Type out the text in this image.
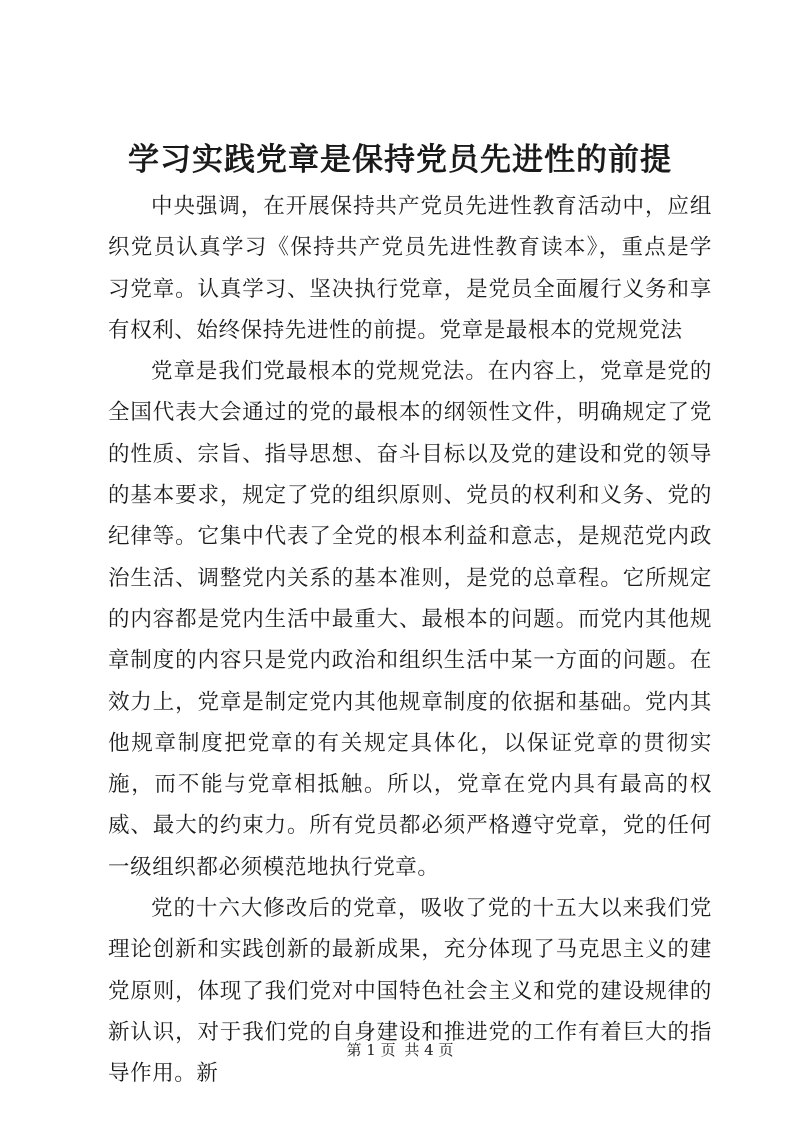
学习实践党章是保持党员先进性的前提

中央强调，在开展保持共产党员先进性教育活动中，应组织党员认真学习《保持共产党员先进性教育读本》，重点是学习党章。认真学习、坚决执行党章，是党员全面履行义务和享有权利、始终保持先进性的前提。党章是最根本的党规党法

党章是我们党最根本的党规党法。在内容上，党章是党的全国代表大会通过的党的最根本的纲领性文件，明确规定了党的性质、宗旨、指导思想、奋斗目标以及党的建设和党的领导的基本要求，规定了党的组织原则、党员的权利和义务、党的纪律等。它集中代表了全党的根本利益和意志，是规范党内政治生活、调整党内关系的基本准则，是党的总章程。它所规定的内容都是党内生活中最重大、最根本的问题。而党内其他规章制度的内容只是党内政治和组织生活中某一方面的问题。在效力上，党章是制定党内其他规章制度的依据和基础。党内其他规章制度把党章的有关规定具体化，以保证党章的贯彻实施，而不能与党章相抵触。所以，党章在党内具有最高的权威、最大的约束力。所有党员都必须严格遵守党章，党的任何一级组织都必须模范地执行党章。

党的十六大修改后的党章，吸收了党的十五大以来我们党理论创新和实践创新的最新成果，充分体现了马克思主义的建党原则，体现了我们党对中国特色社会主义和党的建设规律的新认识，对于我们党的自身建设和推进党的工作有着巨大的指导作用。新

第 1 页 共 4 页
